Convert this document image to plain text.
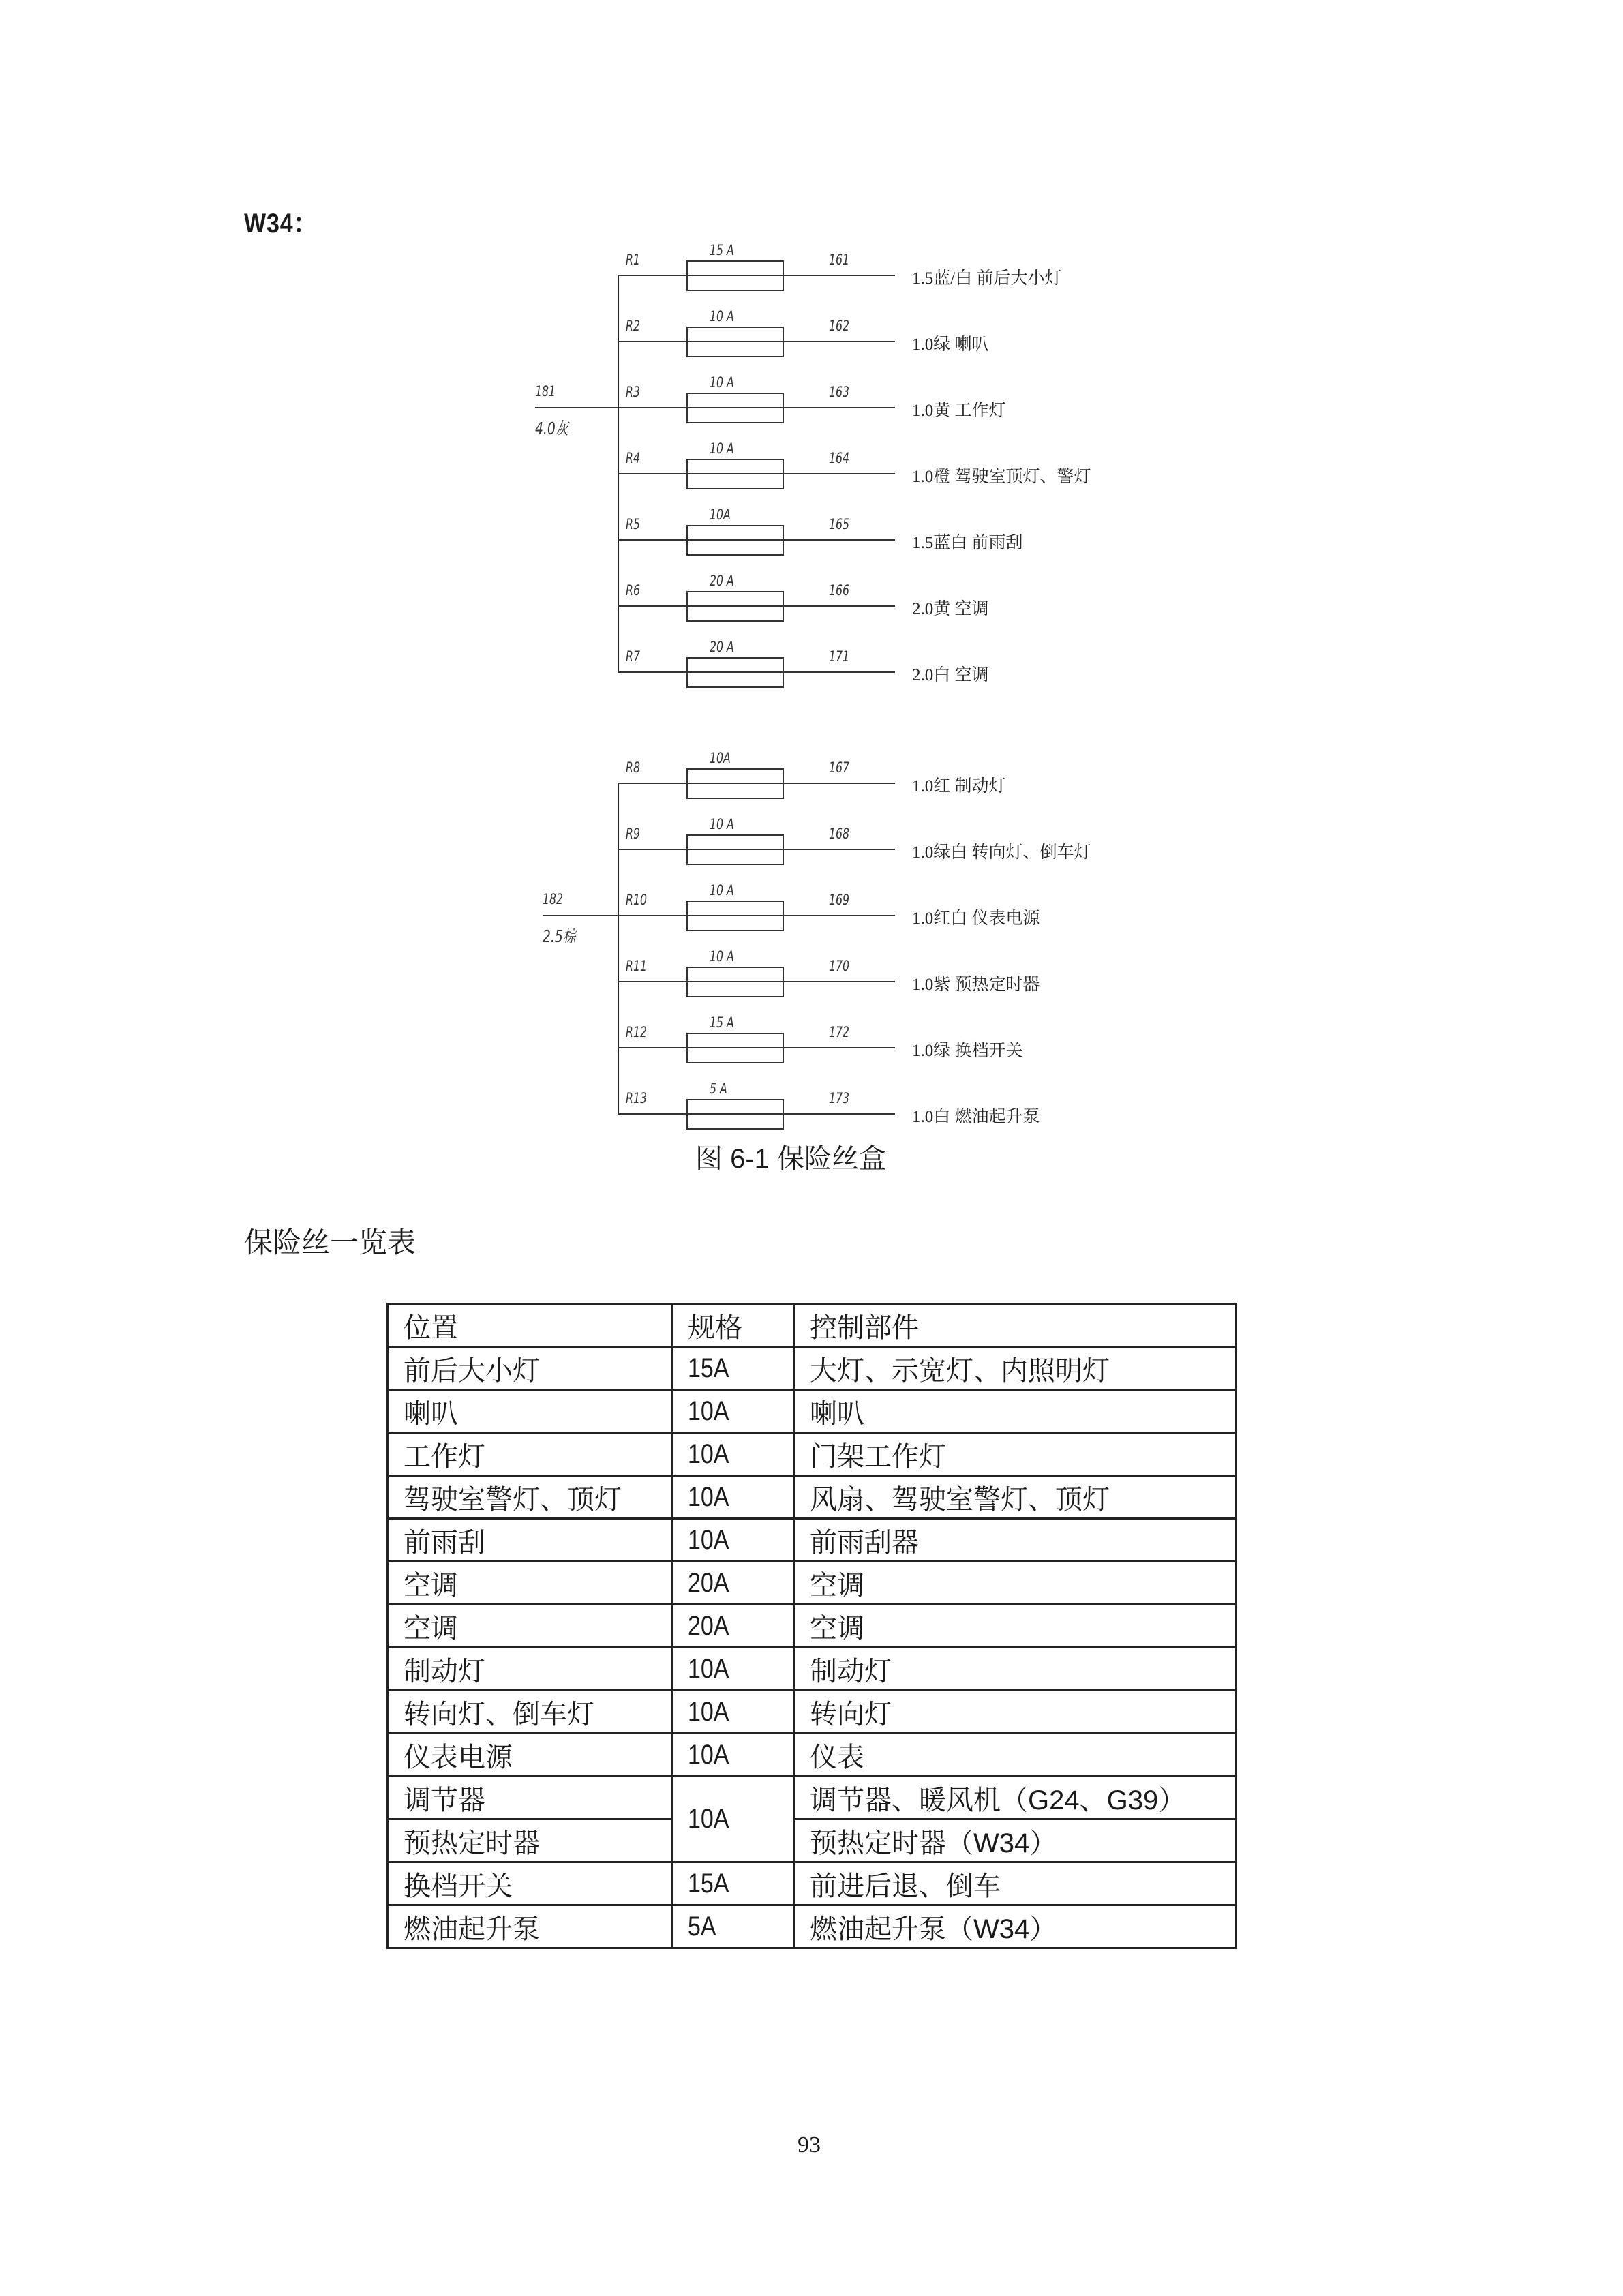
W34：
181
4.0灰
R1
15 A
161
1.5蓝/白 前后大小灯
R2
10 A
162
1.0绿 喇叭
R3
10 A
163
1.0黄 工作灯
R4
10 A
164
1.0橙 驾驶室顶灯、警灯
R5
10A
165
1.5蓝白 前雨刮
R6
20 A
166
2.0黄 空调
R7
20 A
171
2.0白 空调
182
2.5棕
R8
10A
167
1.0红 制动灯
R9
10 A
168
1.0绿白 转向灯、倒车灯
R10
10 A
169
1.0红白 仪表电源
R11
10 A
170
1.0紫 预热定时器
R12
15 A
172
1.0绿 换档开关
R13
5 A
173
1.0白 燃油起升泵
图 6-1 保险丝盒
保险丝一览表
位置	规格	控制部件
前后大小灯	15A	大灯、示宽灯、内照明灯
喇叭	10A	喇叭
工作灯	10A	门架工作灯
驾驶室警灯、顶灯	10A	风扇、驾驶室警灯、顶灯
前雨刮	10A	前雨刮器
空调	20A	空调
空调	20A	空调
制动灯	10A	制动灯
转向灯、倒车灯	10A	转向灯
仪表电源	10A	仪表
调节器	10A	调节器、暖风机（G24、G39）
预热定时器		预热定时器（W34）
换档开关	15A	前进后退、倒车
燃油起升泵	5A	燃油起升泵（W34）
93
